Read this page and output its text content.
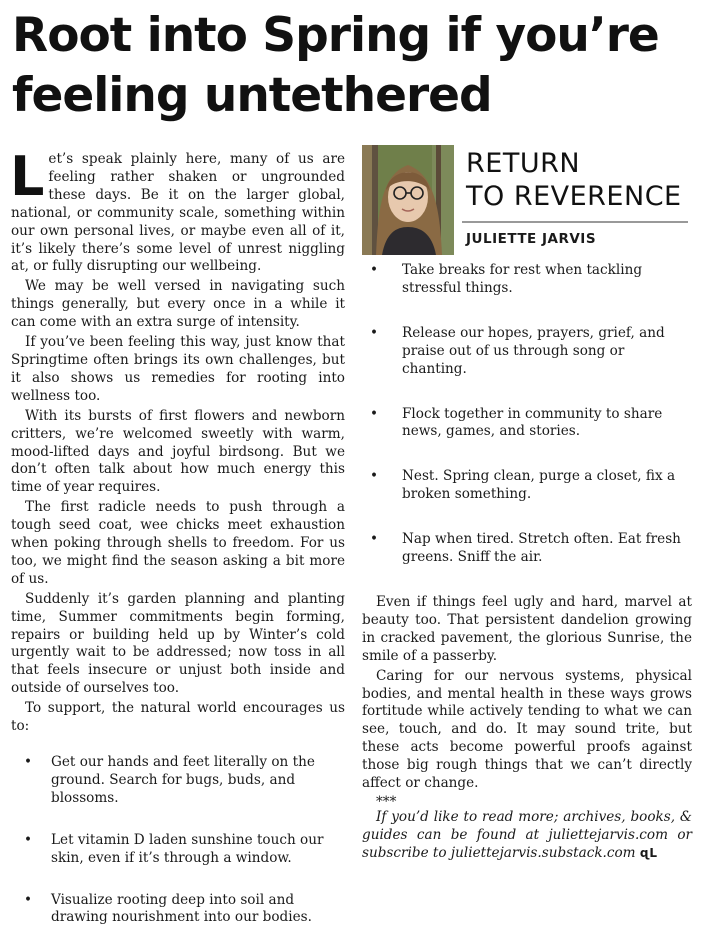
Root into Spring if you’re
feeling untethered

Let’s speak plainly here, many of us are feeling rather shaken or ungrounded these days. Be it on the larger global, national, or community scale, something within our own personal lives, or maybe even all of it, it’s likely there’s some level of unrest niggling at, or fully disrupting our wellbeing.

We may be well versed in navigating such things generally, but every once in a while it can come with an extra surge of intensity.

If you’ve been feeling this way, just know that Springtime often brings its own challenges, but it also shows us remedies for rooting into wellness too.

With its bursts of first flowers and newborn critters, we’re welcomed sweetly with warm, mood-lifted days and joyful birdsong. But we don’t often talk about how much energy this time of year requires.

The first radicle needs to push through a tough seed coat, wee chicks meet exhaustion when poking through shells to freedom. For us too, we might find the season asking a bit more of us.

Suddenly it’s garden planning and planting time, Summer commitments begin forming, repairs or building held up by Winter’s cold urgently wait to be addressed; now toss in all that feels insecure or unjust both inside and outside of ourselves too.

To support, the natural world encourages us to:

• Get our hands and feet literally on the ground. Search for bugs, buds, and blossoms.
• Let vitamin D laden sunshine touch our skin, even if it’s through a window.
• Visualize rooting deep into soil and drawing nourishment into our bodies.
RETURN
TO REVERENCE
JULIETTE JARVIS
• Take breaks for rest when tackling stressful things.
• Release our hopes, prayers, grief, and praise out of us through song or chanting.
• Flock together in community to share news, games, and stories.
• Nest. Spring clean, purge a closet, fix a broken something.
• Nap when tired. Stretch often. Eat fresh greens. Sniff the air.

Even if things feel ugly and hard, marvel at beauty too. That persistent dandelion growing in cracked pavement, the glorious Sunrise, the smile of a passerby.

Caring for our nervous systems, physical bodies, and mental health in these ways grows fortitude while actively tending to what we can see, touch, and do. It may sound trite, but these acts become powerful proofs against those big rough things that we can’t directly affect or change.

***

If you’d like to read more; archives, books, & guides can be found at juliettejarvis.com or subscribe to juliettejarvis.substack.com ɋL
